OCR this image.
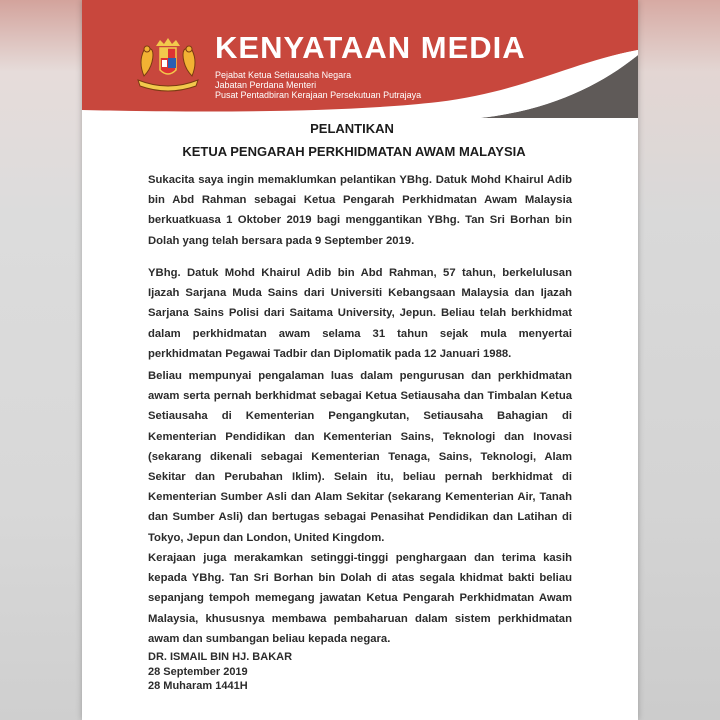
KENYATAAN MEDIA
Pejabat Ketua Setiausaha Negara
Jabatan Perdana Menteri
Pusat Pentadbiran Kerajaan Persekutuan Putrajaya
PELANTIKAN
KETUA PENGARAH PERKHIDMATAN AWAM MALAYSIA
Sukacita saya ingin memaklumkan pelantikan YBhg. Datuk Mohd Khairul Adib bin Abd Rahman sebagai Ketua Pengarah Perkhidmatan Awam Malaysia berkuatkuasa 1 Oktober 2019 bagi menggantikan YBhg. Tan Sri Borhan bin Dolah yang telah bersara pada 9 September 2019.
YBhg. Datuk Mohd Khairul Adib bin Abd Rahman, 57 tahun, berkelulusan Ijazah Sarjana Muda Sains dari Universiti Kebangsaan Malaysia dan Ijazah Sarjana Sains Polisi dari Saitama University, Jepun. Beliau telah berkhidmat dalam perkhidmatan awam selama 31 tahun sejak mula menyertai perkhidmatan Pegawai Tadbir dan Diplomatik pada 12 Januari 1988.
Beliau mempunyai pengalaman luas dalam pengurusan dan perkhidmatan awam serta pernah berkhidmat sebagai Ketua Setiausaha dan Timbalan Ketua Setiausaha di Kementerian Pengangkutan, Setiausaha Bahagian di Kementerian Pendidikan dan Kementerian Sains, Teknologi dan Inovasi (sekarang dikenali sebagai Kementerian Tenaga, Sains, Teknologi, Alam Sekitar dan Perubahan Iklim). Selain itu, beliau pernah berkhidmat di Kementerian Sumber Asli dan Alam Sekitar (sekarang Kementerian Air, Tanah dan Sumber Asli) dan bertugas sebagai Penasihat Pendidikan dan Latihan di Tokyo, Jepun dan London, United Kingdom.
Kerajaan juga merakamkan setinggi-tinggi penghargaan dan terima kasih kepada YBhg. Tan Sri Borhan bin Dolah di atas segala khidmat bakti beliau sepanjang tempoh memegang jawatan Ketua Pengarah Perkhidmatan Awam Malaysia, khususnya membawa pembaharuan dalam sistem perkhidmatan awam dan sumbangan beliau kepada negara.
DR. ISMAIL BIN HJ. BAKAR
28 September 2019
28 Muharam 1441H
